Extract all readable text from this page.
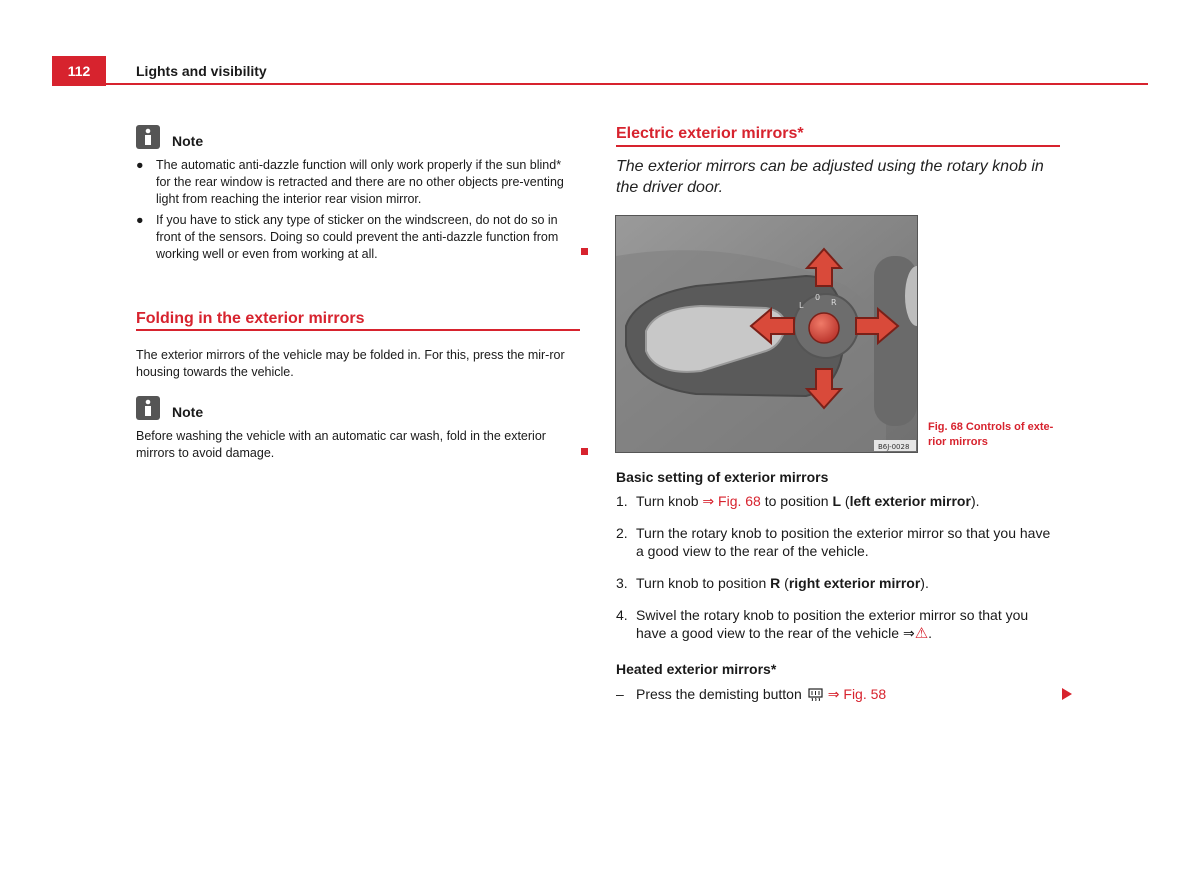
112	Lights and visibility
Note
● The automatic anti-dazzle function will only work properly if the sun blind* for the rear window is retracted and there are no other objects pre-venting light from reaching the interior rear vision mirror.
● If you have to stick any type of sticker on the windscreen, do not do so in front of the sensors. Doing so could prevent the anti-dazzle function from working well or even from working at all.
Folding in the exterior mirrors
The exterior mirrors of the vehicle may be folded in. For this, press the mir-ror housing towards the vehicle.
Note
Before washing the vehicle with an automatic car wash, fold in the exterior mirrors to avoid damage.
Electric exterior mirrors*
The exterior mirrors can be adjusted using the rotary knob in the driver door.
L
0
R
B6J-0028
Fig. 68 Controls of exte-rior mirrors
Basic setting of exterior mirrors
1. Turn knob ⇒ Fig. 68 to position L (left exterior mirror).
2. Turn the rotary knob to position the exterior mirror so that you have a good view to the rear of the vehicle.
3. Turn knob to position R (right exterior mirror).
4. Swivel the rotary knob to position the exterior mirror so that you have a good view to the rear of the vehicle ⇒⚠.
Heated exterior mirrors*
– Press the demisting button ⇒ Fig. 58
